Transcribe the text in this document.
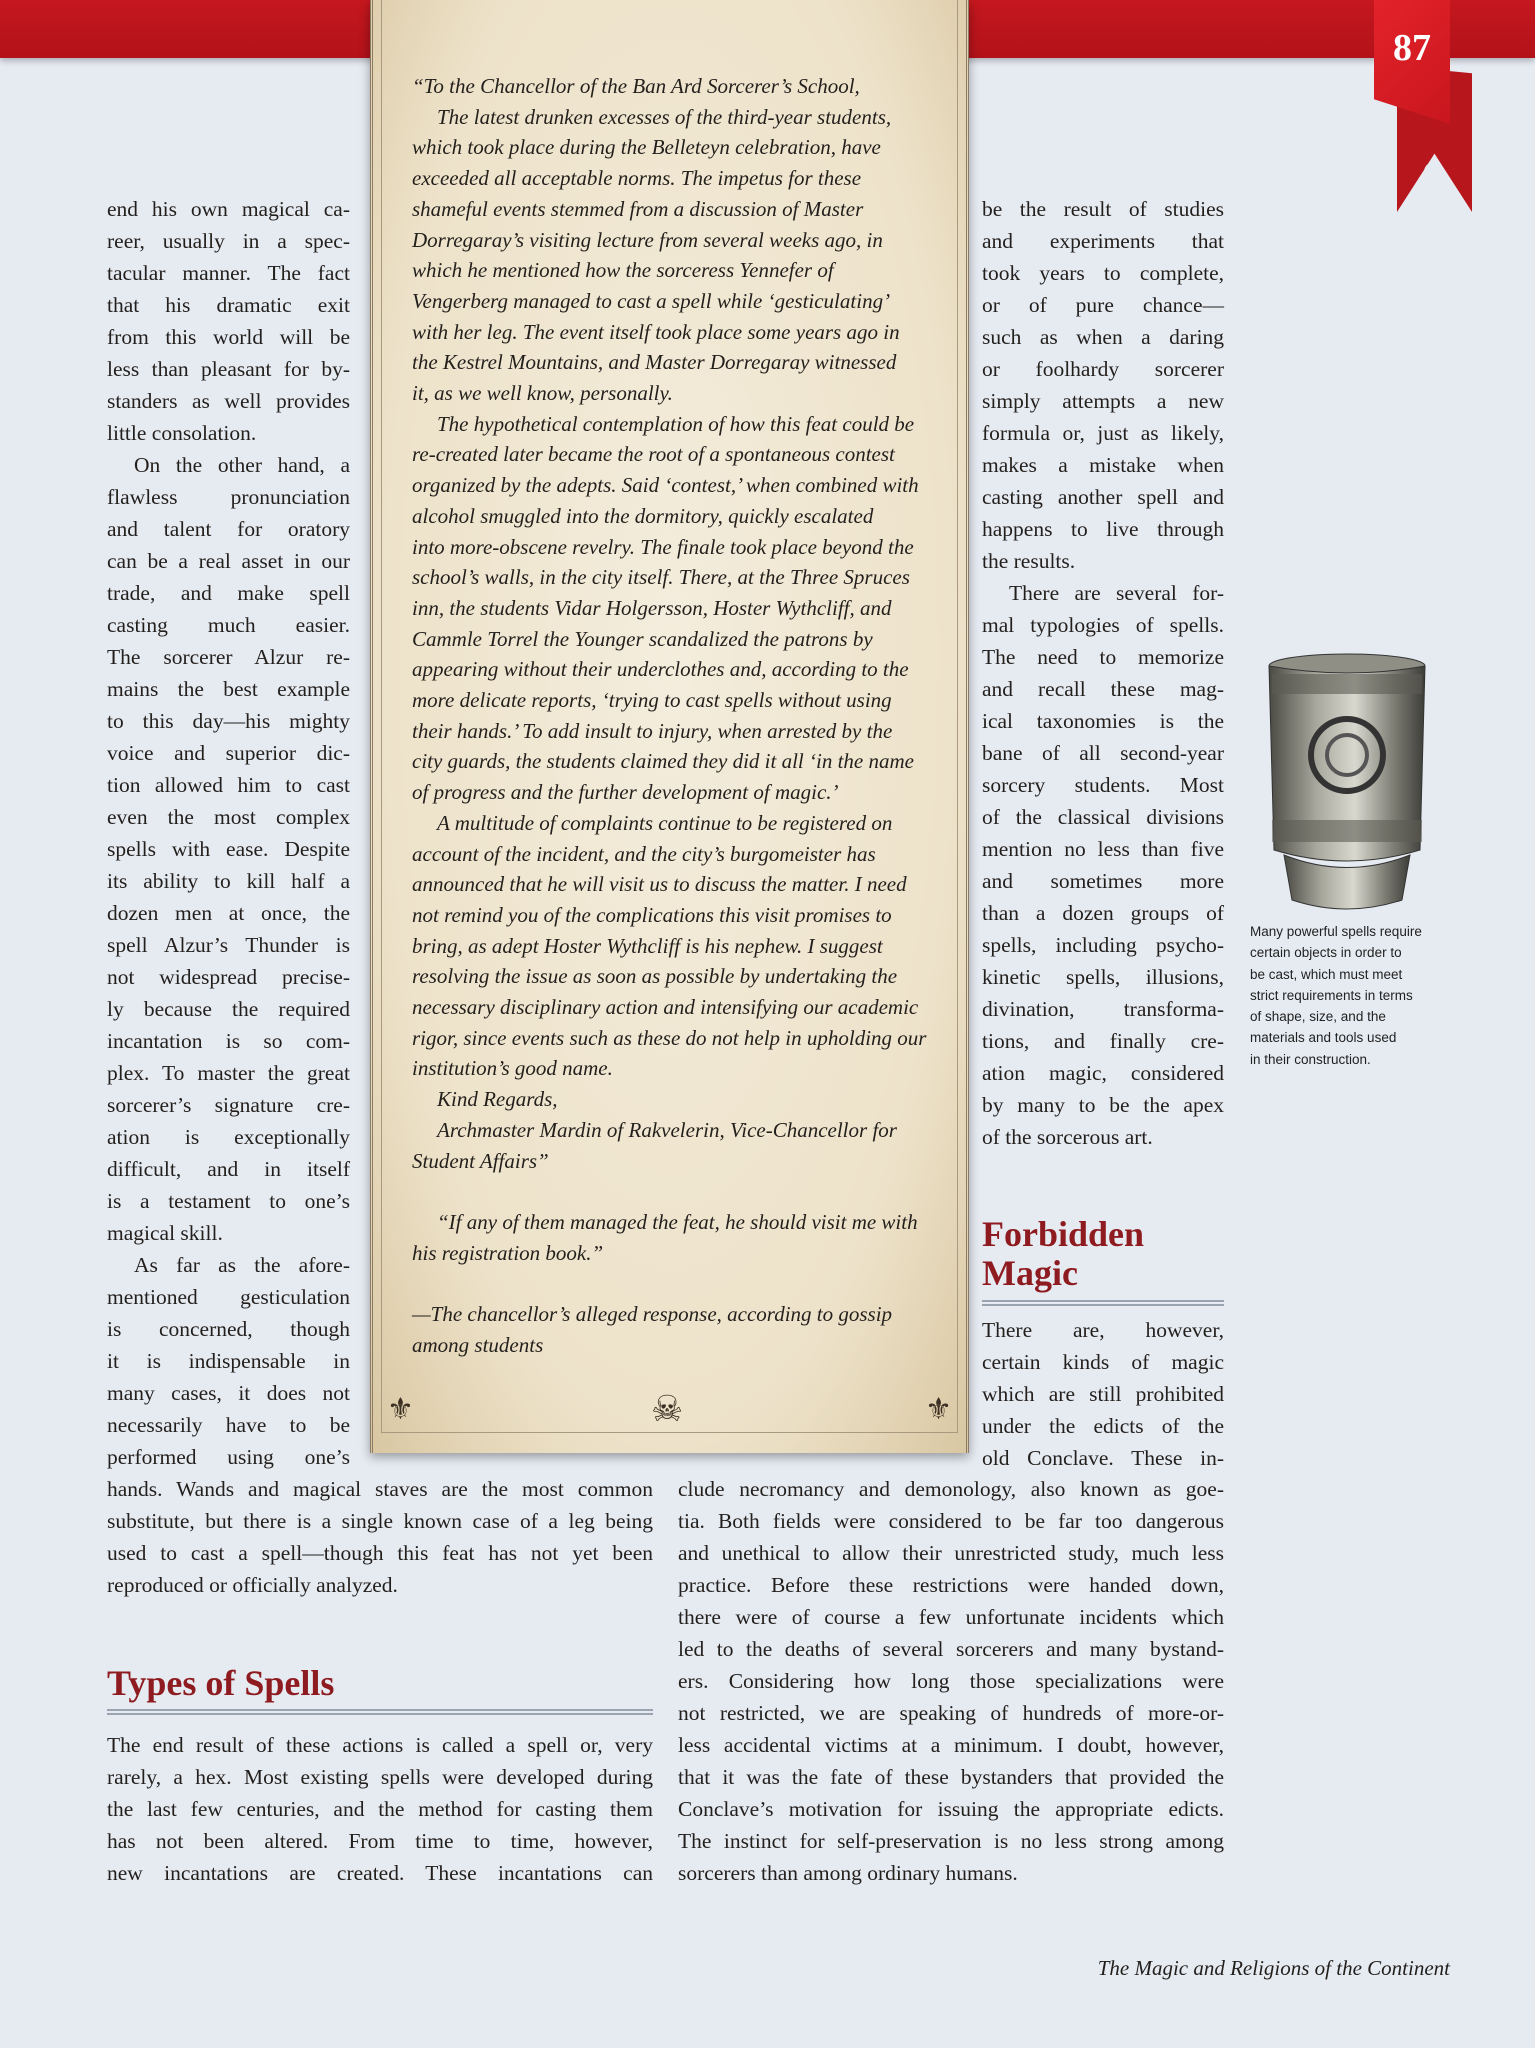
87
“To the Chancellor of the Ban Ard Sorcerer’s School,
The latest drunken excesses of the third-year students,
which took place during the Belleteyn celebration, have
exceeded all acceptable norms. The impetus for these
shameful events stemmed from a discussion of Master
Dorregaray’s visiting lecture from several weeks ago, in
which he mentioned how the sorceress Yennefer of
Vengerberg managed to cast a spell while ‘gesticulating’
with her leg. The event itself took place some years ago in
the Kestrel Mountains, and Master Dorregaray witnessed
it, as we well know, personally.
The hypothetical contemplation of how this feat could be
re-created later became the root of a spontaneous contest
organized by the adepts. Said ‘contest,’ when combined with
alcohol smuggled into the dormitory, quickly escalated
into more-obscene revelry. The finale took place beyond the
school’s walls, in the city itself. There, at the Three Spruces
inn, the students Vidar Holgersson, Hoster Wythcliff, and
Cammle Torrel the Younger scandalized the patrons by
appearing without their underclothes and, according to the
more delicate reports, ‘trying to cast spells without using
their hands.’ To add insult to injury, when arrested by the
city guards, the students claimed they did it all ‘in the name
of progress and the further development of magic.’
A multitude of complaints continue to be registered on
account of the incident, and the city’s burgomeister has
announced that he will visit us to discuss the matter. I need
not remind you of the complications this visit promises to
bring, as adept Hoster Wythcliff is his nephew. I suggest
resolving the issue as soon as possible by undertaking the
necessary disciplinary action and intensifying our academic
rigor, since events such as these do not help in upholding our
institution’s good name.
Kind Regards,
Archmaster Mardin of Rakvelerin, Vice-Chancellor for
Student Affairs”
“If any of them managed the feat, he should visit me with
his registration book.”
—The chancellor’s alleged response, according to gossip
among students
⚜	⚜
☠
end his own magical ca-
reer, usually in a spec-
tacular manner. The fact
that his dramatic exit
from this world will be
less than pleasant for by-
standers as well provides
little consolation.
On the other hand, a
flawless pronunciation
and talent for oratory
can be a real asset in our
trade, and make spell
casting much easier.
The sorcerer Alzur re-
mains the best example
to this day—his mighty
voice and superior dic-
tion allowed him to cast
even the most complex
spells with ease. Despite
its ability to kill half a
dozen men at once, the
spell Alzur’s Thunder is
not widespread precise-
ly because the required
incantation is so com-
plex. To master the great
sorcerer’s signature cre-
ation is exceptionally
difficult, and in itself
is a testament to one’s
magical skill.
As far as the afore-
mentioned gesticulation
is concerned, though
it is indispensable in
many cases, it does not
necessarily have to be
performed using one’s
hands. Wands and magical staves are the most common
substitute, but there is a single known case of a leg being
used to cast a spell—though this feat has not yet been
reproduced or officially analyzed.
Types of Spells
The end result of these actions is called a spell or, very
rarely, a hex. Most existing spells were developed during
the last few centuries, and the method for casting them
has not been altered. From time to time, however,
new incantations are created. These incantations can
be the result of studies
and experiments that
took years to complete,
or of pure chance—
such as when a daring
or foolhardy sorcerer
simply attempts a new
formula or, just as likely,
makes a mistake when
casting another spell and
happens to live through
the results.
There are several for-
mal typologies of spells.
The need to memorize
and recall these mag-
ical taxonomies is the
bane of all second-year
sorcery students. Most
of the classical divisions
mention no less than five
and sometimes more
than a dozen groups of
spells, including psycho-
kinetic spells, illusions,
divination, transforma-
tions, and finally cre-
ation magic, considered
by many to be the apex
of the sorcerous art.
Forbidden
Magic
There are, however,
certain kinds of magic
which are still prohibited
under the edicts of the
old Conclave. These in-
clude necromancy and demonology, also known as goe-
tia. Both fields were considered to be far too dangerous
and unethical to allow their unrestricted study, much less
practice. Before these restrictions were handed down,
there were of course a few unfortunate incidents which
led to the deaths of several sorcerers and many bystand-
ers. Considering how long those specializations were
not restricted, we are speaking of hundreds of more-or-
less accidental victims at a minimum. I doubt, however,
that it was the fate of these bystanders that provided the
Conclave’s motivation for issuing the appropriate edicts.
The instinct for self-preservation is no less strong among
sorcerers than among ordinary humans.
Many powerful spells require
certain objects in order to
be cast, which must meet
strict requirements in terms
of shape, size, and the
materials and tools used
in their construction.
The Magic and Religions of the Continent
